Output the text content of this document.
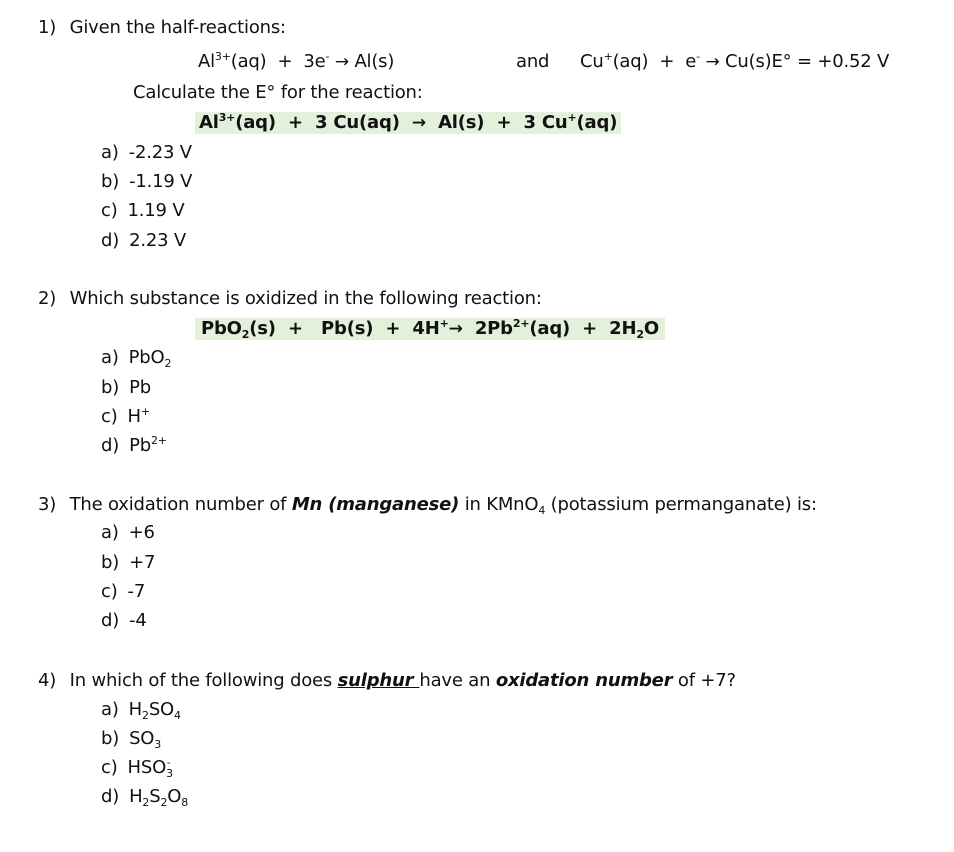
1) Given the half-reactions:
$Al^{3+}(aq) + 3e^- \to Al(s)$	and Cu+(aq)  +  e- → Cu(s)E° = +0.52 V
Calculate the E° for the reaction:
$Al^{3+}(aq) + 3$ Cu(aq) → Al(s)  +  3 Cu+(aq)
a) -2.23 V
b) -1.19 V
c) 1.19 V
d) 2.23 V
2) Which substance is oxidized in the following reaction:
$PbO_2(s) + Pb(s) + 4H^+\to 2Pb^{2+}(aq) + 2H_2O$
a) PbO$_2$
b) Pb
c) H+
d) $Pb^{2+}$
3) The oxidation number of Mn (manganese) in KMnO$_4$ (potassium permanganate) is:
a) +6
b) +7
c) -7
d) -4
4) In which of the following does sulphur have an oxidation number of +7?
a) $H_2SO_4$
b) $SO_3$
c) $HSO_3^-$
d) $H_2S_2O_8$
